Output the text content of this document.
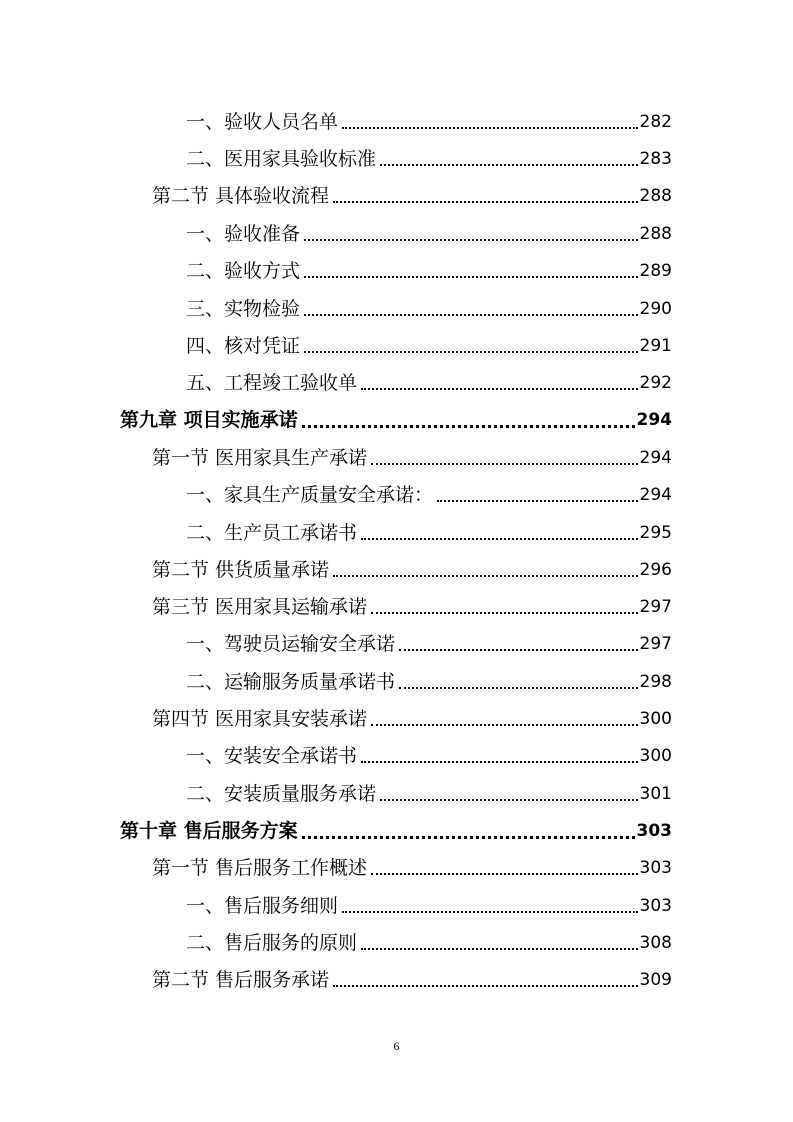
一、验收人员名单	282
二、医用家具验收标准	283
第二节 具体验收流程	288
一、验收准备	288
二、验收方式	289
三、实物检验	290
四、核对凭证	291
五、工程竣工验收单	292
第九章 项目实施承诺	294
第一节 医用家具生产承诺	294
一、家具生产质量安全承诺：	294
二、生产员工承诺书	295
第二节 供货质量承诺	296
第三节 医用家具运输承诺	297
一、驾驶员运输安全承诺	297
二、运输服务质量承诺书	298
第四节 医用家具安装承诺	300
一、安装安全承诺书	300
二、安装质量服务承诺	301
第十章 售后服务方案	303
第一节 售后服务工作概述	303
一、售后服务细则	303
二、售后服务的原则	308
第二节 售后服务承诺	309
6
